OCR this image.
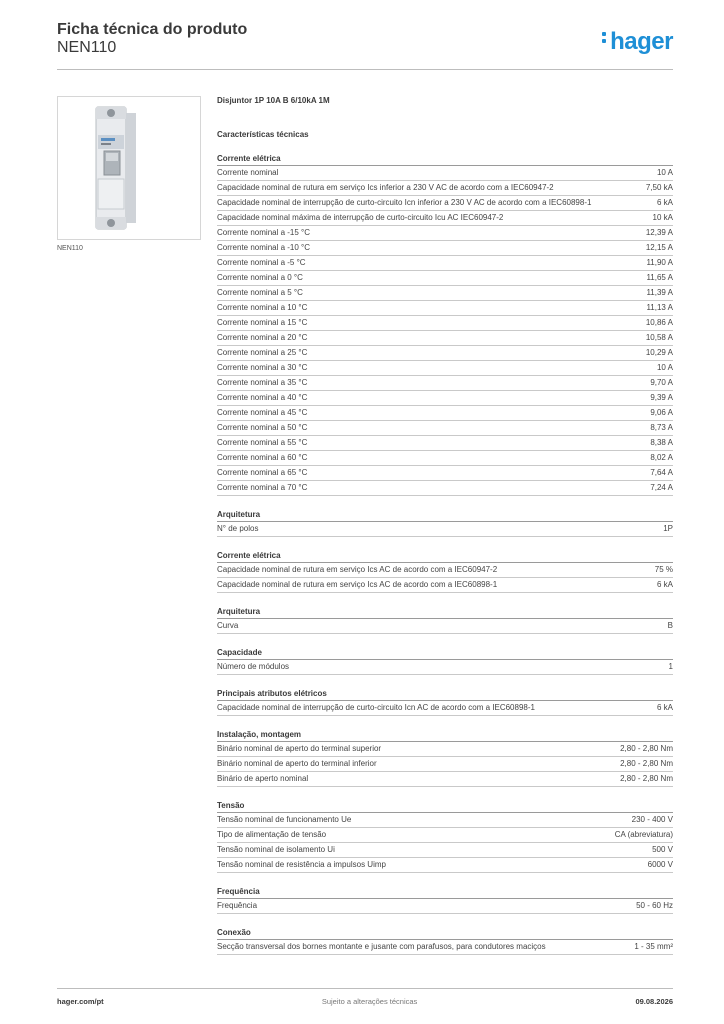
Ficha técnica do produto
NEN110	hager
NEN110
Disjuntor 1P 10A B 6/10kA 1M
Características técnicas
Corrente elétrica
Corrente nominal	10 A
Capacidade nominal de rutura em serviço Ics inferior a 230 V AC de acordo com a IEC60947-2	7,50 kA
Capacidade nominal de interrupção de curto-circuito Icn inferior a 230 V AC de acordo com a IEC60898-1	6 kA
Capacidade nominal máxima de interrupção de curto-circuito Icu AC IEC60947-2	10 kA
Corrente nominal a -15 °C	12,39 A
Corrente nominal a -10 °C	12,15 A
Corrente nominal a -5 °C	11,90 A
Corrente nominal a 0 °C	11,65 A
Corrente nominal a 5 °C	11,39 A
Corrente nominal a 10 °C	11,13 A
Corrente nominal a 15 °C	10,86 A
Corrente nominal a 20 °C	10,58 A
Corrente nominal a 25 °C	10,29 A
Corrente nominal a 30 °C	10 A
Corrente nominal a 35 °C	9,70 A
Corrente nominal a 40 °C	9,39 A
Corrente nominal a 45 °C	9,06 A
Corrente nominal a 50 °C	8,73 A
Corrente nominal a 55 °C	8,38 A
Corrente nominal a 60 °C	8,02 A
Corrente nominal a 65 °C	7,64 A
Corrente nominal a 70 °C	7,24 A
Arquitetura
N° de polos	1P
Corrente elétrica
Capacidade nominal de rutura em serviço Ics AC de acordo com a IEC60947-2	75 %
Capacidade nominal de rutura em serviço Ics AC de acordo com a IEC60898-1	6 kA
Arquitetura
Curva	B
Capacidade
Número de módulos	1
Principais atributos elétricos
Capacidade nominal de interrupção de curto-circuito Icn AC de acordo com a IEC60898-1	6 kA
Instalação, montagem
Binário nominal de aperto do terminal superior	2,80 - 2,80 Nm
Binário nominal de aperto do terminal inferior	2,80 - 2,80 Nm
Binário de aperto nominal	2,80 - 2,80 Nm
Tensão
Tensão nominal de funcionamento Ue	230 - 400 V
Tipo de alimentação de tensão	CA (abreviatura)
Tensão nominal de isolamento Ui	500 V
Tensão nominal de resistência a impulsos Uimp	6000 V
Frequência
Frequência	50 - 60 Hz
Conexão
Secção transversal dos bornes montante e jusante com parafusos, para condutores maciços	1 - 35 mm²
hager.com/pt	Sujeito a alterações técnicas	09.08.2026
